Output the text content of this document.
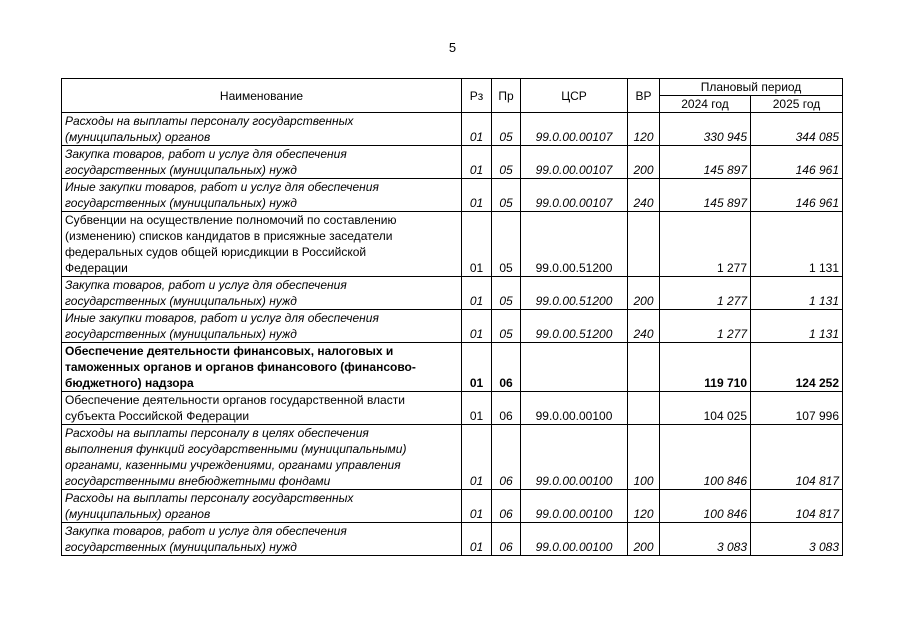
5
Наименование	Рз	Пр	ЦСР	ВР	Плановый период	
					2024 год	2025 год

Расходы на выплаты персоналу государственных
(муниципальных) органов	01	05	99.0.00.00107	120	330 945	344 085

Закупка товаров, работ и услуг для обеспечения
государственных (муниципальных) нужд	01	05	99.0.00.00107	200	145 897	146 961

Иные закупки товаров, работ и услуг для обеспечения
государственных (муниципальных) нужд	01	05	99.0.00.00107	240	145 897	146 961

Субвенции на осуществление полномочий по составлению
(изменению) списков кандидатов в присяжные заседатели
федеральных судов общей юрисдикции в Российской
Федерации	01	05	99.0.00.51200		1 277	1 131

Закупка товаров, работ и услуг для обеспечения
государственных (муниципальных) нужд	01	05	99.0.00.51200	200	1 277	1 131

Иные закупки товаров, работ и услуг для обеспечения
государственных (муниципальных) нужд	01	05	99.0.00.51200	240	1 277	1 131

Обеспечение деятельности финансовых, налоговых и
таможенных органов и органов финансового (финансово-
бюджетного) надзора	01	06			119 710	124 252

Обеспечение деятельности органов государственной власти
субъекта Российской Федерации	01	06	99.0.00.00100		104 025	107 996

Расходы на выплаты персоналу в целях обеспечения
выполнения функций государственными (муниципальными)
органами, казенными учреждениями, органами управления
государственными внебюджетными фондами	01	06	99.0.00.00100	100	100 846	104 817

Расходы на выплаты персоналу государственных
(муниципальных) органов	01	06	99.0.00.00100	120	100 846	104 817

Закупка товаров, работ и услуг для обеспечения
государственных (муниципальных) нужд	01	06	99.0.00.00100	200	3 083	3 083
